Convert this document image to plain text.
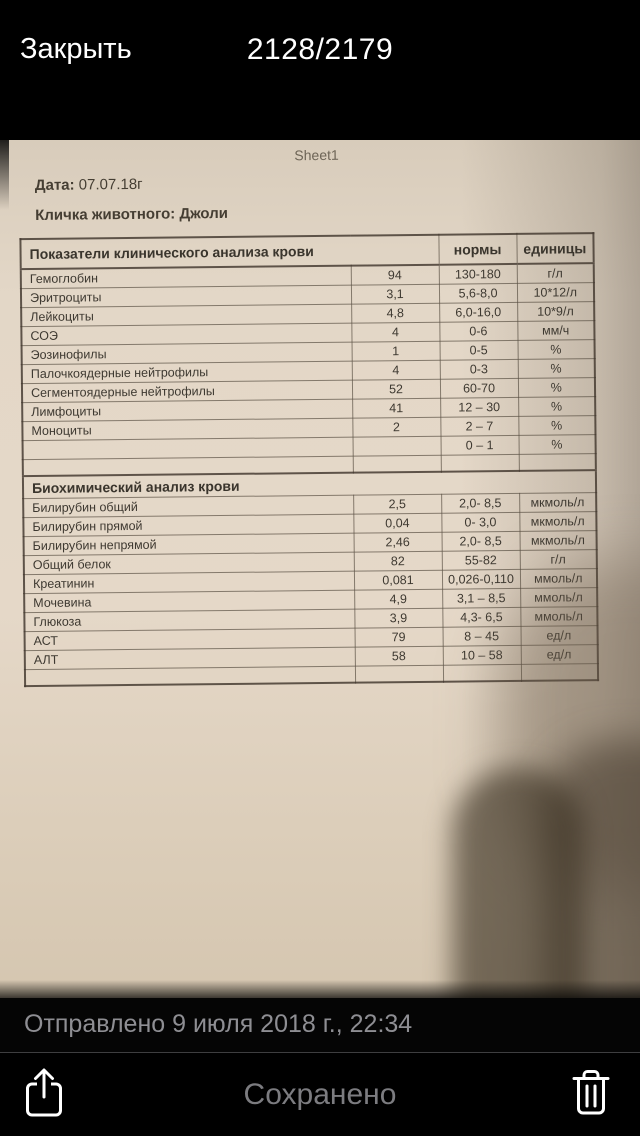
Закрыть	2128/2179
Sheet1
Дата: 07.07.18г
Кличка животного: Джоли
Показатели клинического анализа крови		нормы	единицы
Гемоглобин	94	130-180	г/л
Эритроциты	3,1	5,6-8,0	10*12/л
Лейкоциты	4,8	6,0-16,0	10*9/л
СОЭ	4	0-6	мм/ч
Эозинофилы	1	0-5	%
Палочкоядерные нейтрофилы	4	0-3	%
Сегментоядерные нейтрофилы	52	60-70	%
Лимфоциты	41	12 – 30	%
Моноциты	2	2 – 7	%
		0 – 1	%

Биохимический анализ крови			
Билирубин общий	2,5	2,0- 8,5	мкмоль/л
Билирубин прямой	0,04	0- 3,0	мкмоль/л
Билирубин непрямой	2,46	2,0- 8,5	мкмоль/л
Общий белок	82	55-82	г/л
Креатинин	0,081	0,026-0,110	ммоль/л
Мочевина	4,9	3,1 – 8,5	ммоль/л
Глюкоза	3,9	4,3- 6,5	ммоль/л
АСТ	79	8 – 45	ед/л
АЛТ	58	10 – 58	ед/л

Отправлено 9 июля 2018 г., 22:34
Сохранено
